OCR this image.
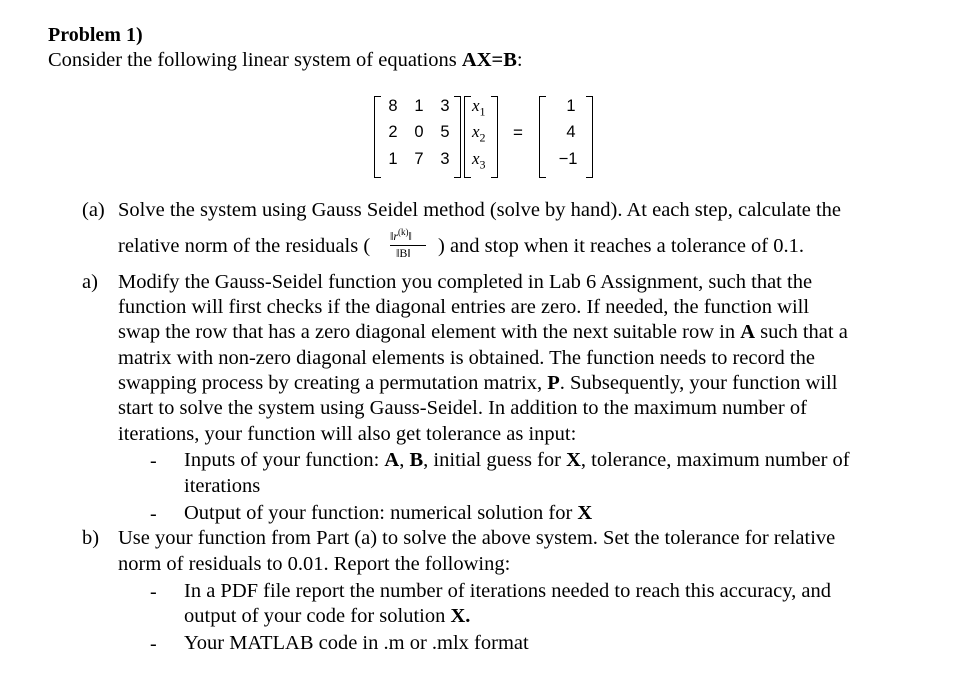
Problem 1)
Consider the following linear system of equations AX=B:
8	1	3
2	0	5
1	7	3
$x_1$
$x_2$
$x_3$
=
1
4
−1
(a) Solve the system using Gauss Seidel method (solve by hand). At each step, calculate the
relative norm of the residuals ( $‖r^{(k)}‖$
‖B‖ ) and stop when it reaches a tolerance of 0.1.
a) Modify the Gauss-Seidel function you completed in Lab 6 Assignment, such that the
function will first checks if the diagonal entries are zero. If needed, the function will
swap the row that has a zero diagonal element with the next suitable row in A such that a
matrix with non-zero diagonal elements is obtained. The function needs to record the
swapping process by creating a permutation matrix, P. Subsequently, your function will
start to solve the system using Gauss-Seidel. In addition to the maximum number of
iterations, your function will also get tolerance as input:
- Inputs of your function: A, B, initial guess for X, tolerance, maximum number of
iterations
- Output of your function: numerical solution for X
b) Use your function from Part (a) to solve the above system. Set the tolerance for relative
norm of residuals to 0.01. Report the following:
- In a PDF file report the number of iterations needed to reach this accuracy, and
output of your code for solution X.
- Your MATLAB code in .m or .mlx format
